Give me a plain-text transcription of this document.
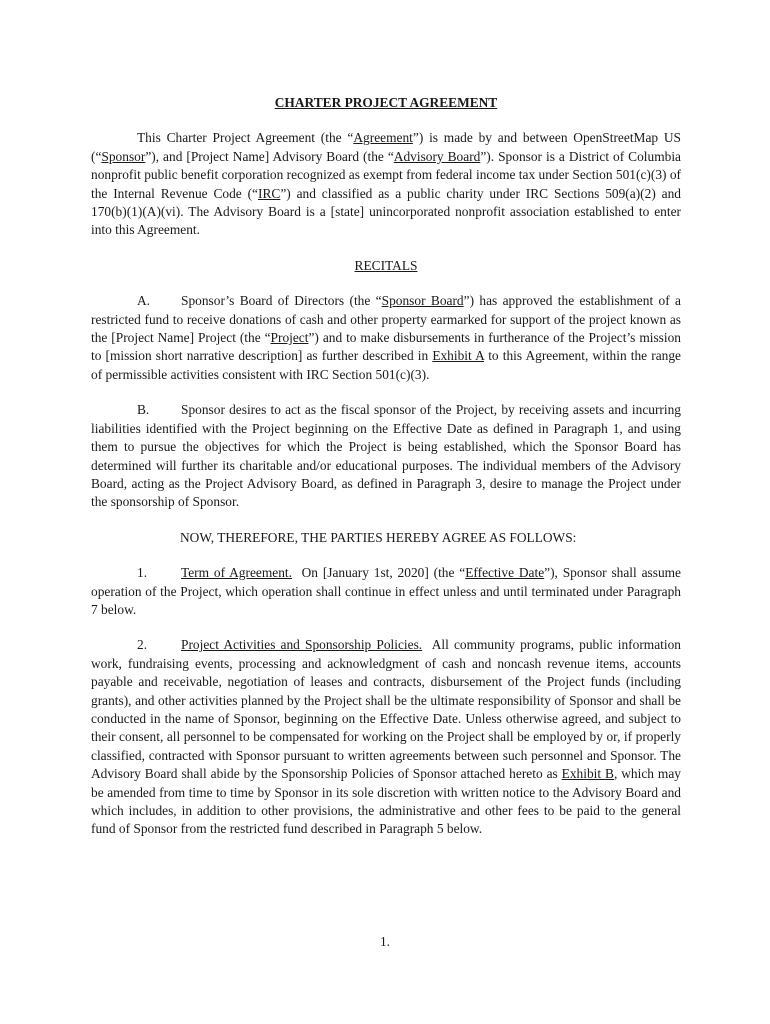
CHARTER PROJECT AGREEMENT

This Charter Project Agreement (the “Agreement”) is made by and between OpenStreetMap US (“Sponsor”), and [Project Name] Advisory Board (the “Advisory Board”). Sponsor is a District of Columbia nonprofit public benefit corporation recognized as exempt from federal income tax under Section 501(c)(3) of the Internal Revenue Code (“IRC”) and classified as a public charity under IRC Sections 509(a)(2) and 170(b)(1)(A)(vi). The Advisory Board is a [state] unincorporated nonprofit association established to enter into this Agreement.

RECITALS

A. Sponsor’s Board of Directors (the “Sponsor Board”) has approved the establishment of a restricted fund to receive donations of cash and other property earmarked for support of the project known as the [Project Name] Project (the “Project”) and to make disbursements in furtherance of the Project’s mission to [mission short narrative description] as further described in Exhibit A to this Agreement, within the range of permissible activities consistent with IRC Section 501(c)(3).

B. Sponsor desires to act as the fiscal sponsor of the Project, by receiving assets and incurring liabilities identified with the Project beginning on the Effective Date as defined in Paragraph 1, and using them to pursue the objectives for which the Project is being established, which the Sponsor Board has determined will further its charitable and/or educational purposes. The individual members of the Advisory Board, acting as the Project Advisory Board, as defined in Paragraph 3, desire to manage the Project under the sponsorship of Sponsor.

NOW, THEREFORE, THE PARTIES HEREBY AGREE AS FOLLOWS:

1.	Term of Agreement.  On [January 1st, 2020] (the “Effective Date”), Sponsor shall assume operation of the Project, which operation shall continue in effect unless and until terminated under Paragraph 7 below.

2.	Project Activities and Sponsorship Policies.  All community programs, public information work, fundraising events, processing and acknowledgment of cash and noncash revenue items, accounts payable and receivable, negotiation of leases and contracts, disbursement of the Project funds (including grants), and other activities planned by the Project shall be the ultimate responsibility of Sponsor and shall be conducted in the name of Sponsor, beginning on the Effective Date. Unless otherwise agreed, and subject to their consent, all personnel to be compensated for working on the Project shall be employed by or, if properly classified, contracted with Sponsor pursuant to written agreements between such personnel and Sponsor. The Advisory Board shall abide by the Sponsorship Policies of Sponsor attached hereto as Exhibit B, which may be amended from time to time by Sponsor in its sole discretion with written notice to the Advisory Board and which includes, in addition to other provisions, the administrative and other fees to be paid to the general fund of Sponsor from the restricted fund described in Paragraph 5 below.

1.
